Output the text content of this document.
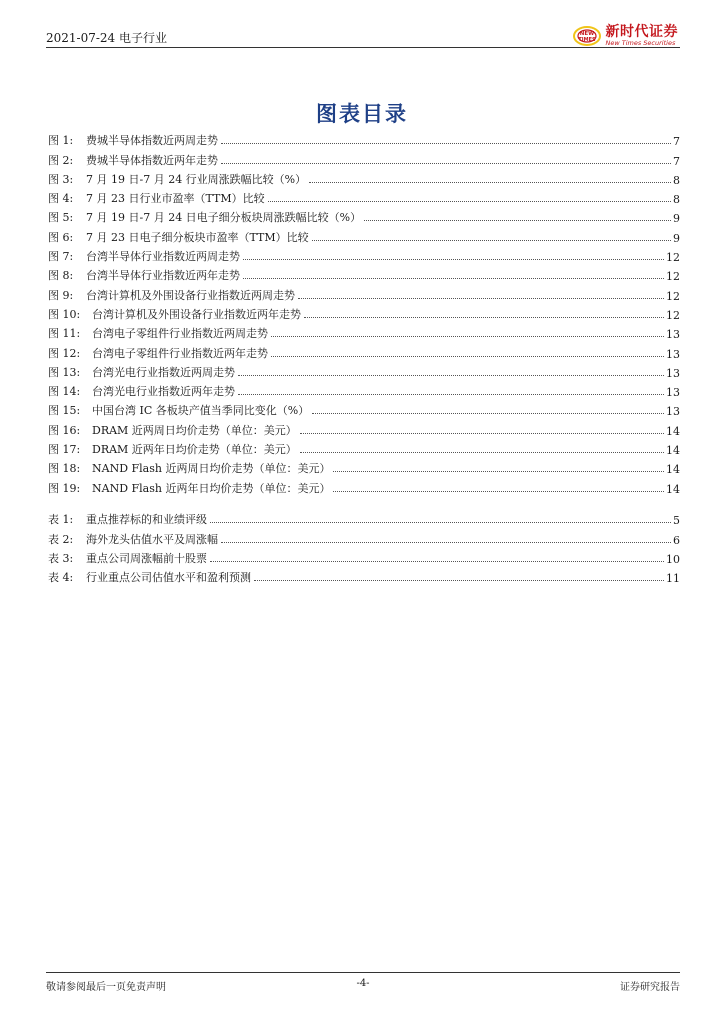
2021-07-24 电子行业	NEW
TIMES 新时代证券
New Times Securities
图表目录
图 1:	费城半导体指数近两周走势	7
图 2:	费城半导体指数近两年走势	7
图 3:	7 月 19 日-7 月 24 行业周涨跌幅比较（%）	8
图 4:	7 月 23 日行业市盈率（TTM）比较	8
图 5:	7 月 19 日-7 月 24 日电子细分板块周涨跌幅比较（%）	9
图 6:	7 月 23 日电子细分板块市盈率（TTM）比较	9
图 7:	台湾半导体行业指数近两周走势	12
图 8:	台湾半导体行业指数近两年走势	12
图 9:	台湾计算机及外围设备行业指数近两周走势	12
图 10:	台湾计算机及外围设备行业指数近两年走势	12
图 11:	台湾电子零组件行业指数近两周走势	13
图 12:	台湾电子零组件行业指数近两年走势	13
图 13:	台湾光电行业指数近两周走势	13
图 14:	台湾光电行业指数近两年走势	13
图 15:	中国台湾 IC 各板块产值当季同比变化（%）	13
图 16:	DRAM 近两周日均价走势（单位：美元）	14
图 17:	DRAM 近两年日均价走势（单位：美元）	14
图 18:	NAND Flash 近两周日均价走势（单位：美元）	14
图 19:	NAND Flash 近两年日均价走势（单位：美元）	14
表 1:	重点推荐标的和业绩评级	5
表 2:	海外龙头估值水平及周涨幅	6
表 3:	重点公司周涨幅前十股票	10
表 4:	行业重点公司估值水平和盈利预测	11
敬请参阅最后一页免责声明	-4-	证券研究报告
